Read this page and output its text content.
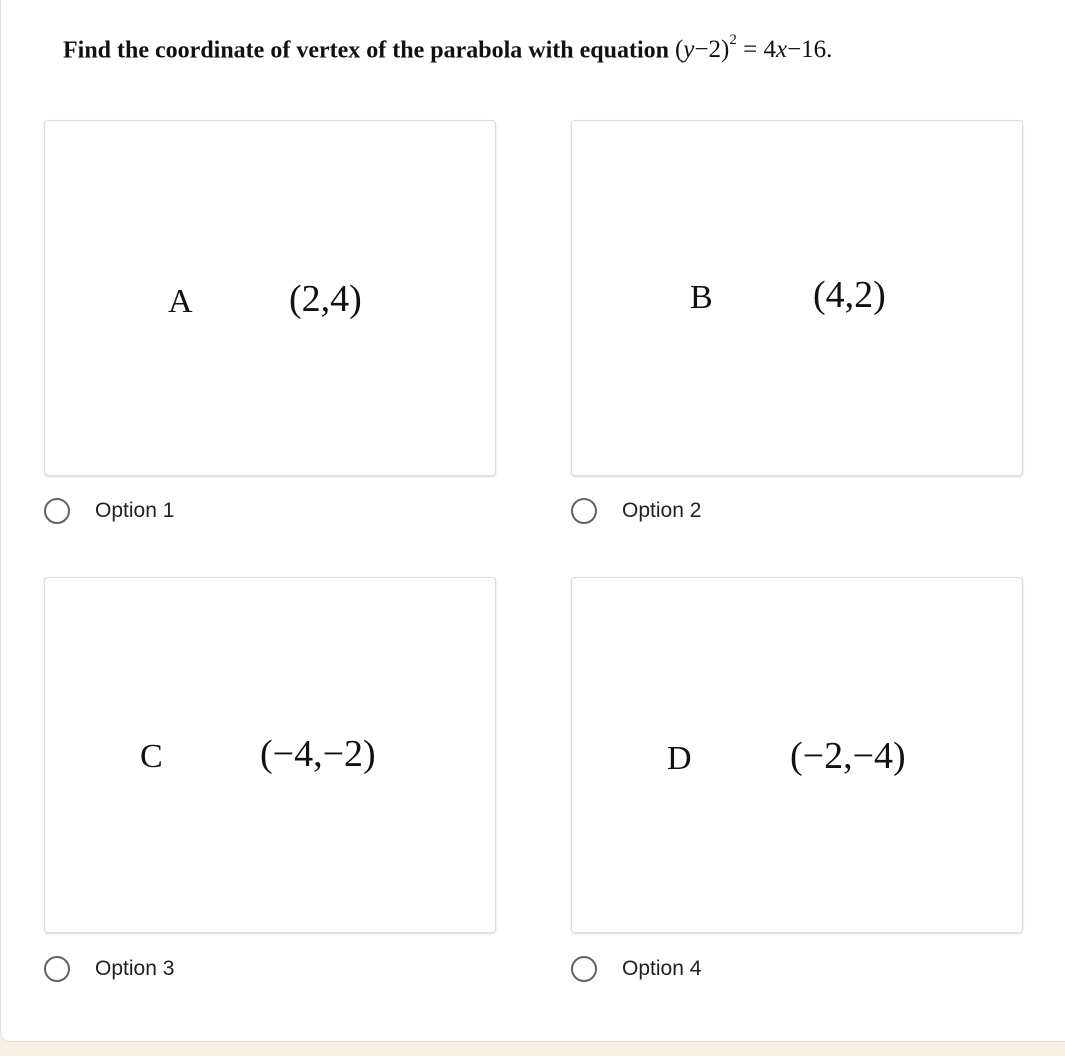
Find the coordinate of vertex of the parabola with equation $(y-2)^2 = 4x-16$.
A	(2,4)
Option 1
B	(4,2)
Option 2
C	(−4,−2)
Option 3
D	(−2,−4)
Option 4
